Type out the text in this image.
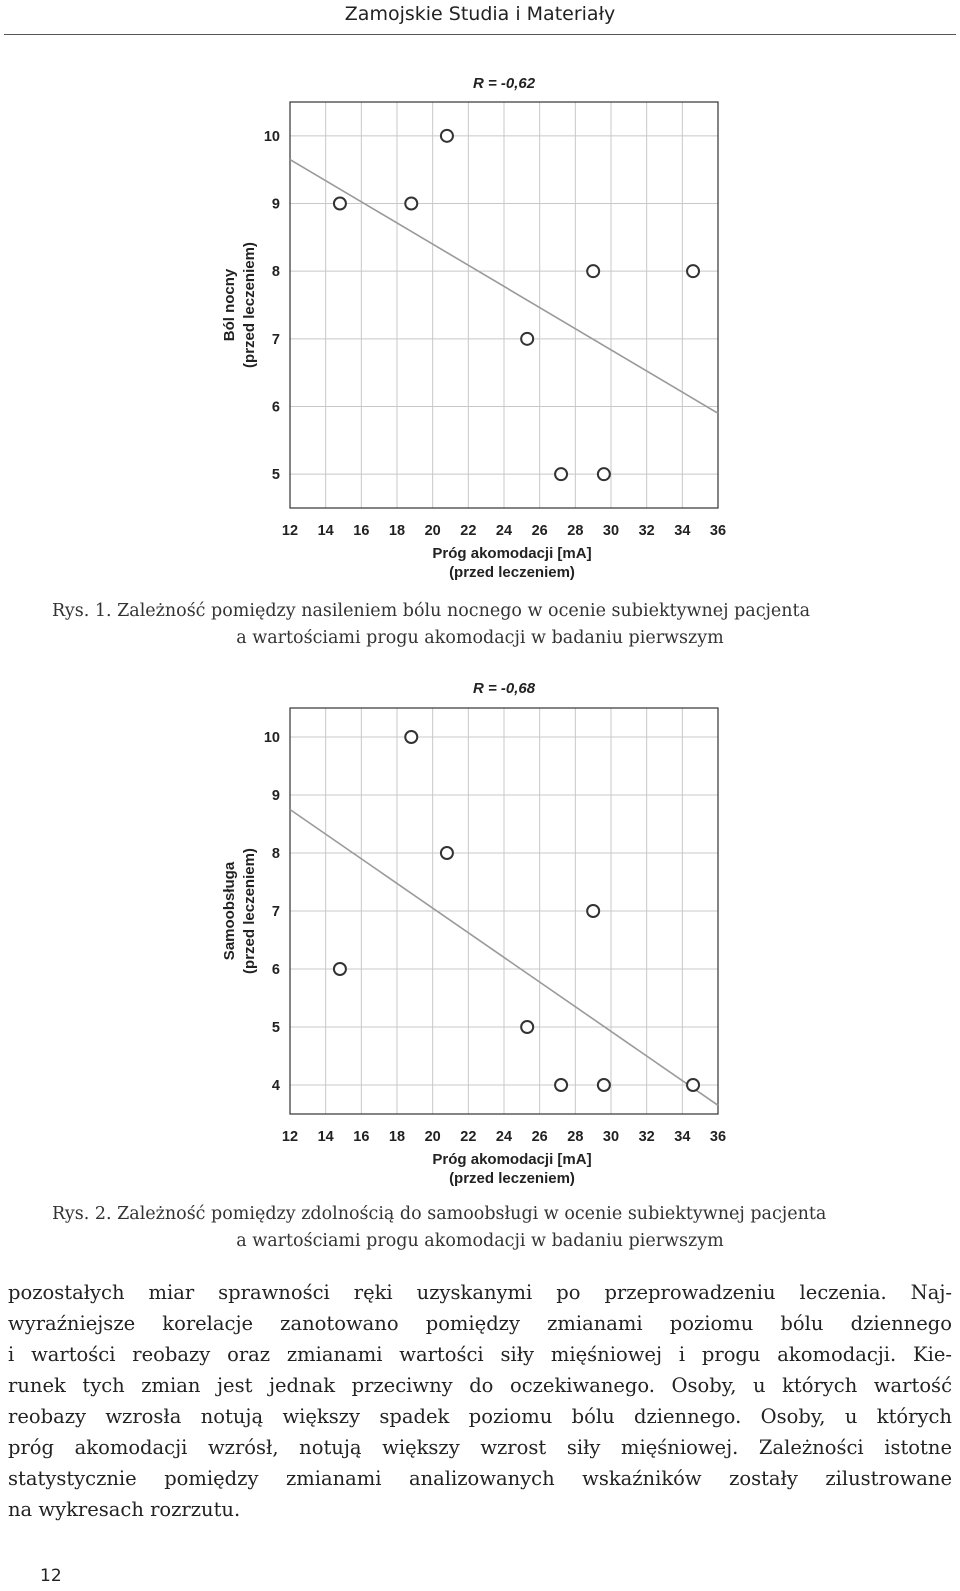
Zamojskie Studia i Materiały
R = -0,62
12 14 16 18 20 22 24 26 28 30 32 34 36
5
6
7
8
9
10
Próg akomodacji [mA]
(przed leczeniem)
Ból nocny (przed leczeniem)
Rys. 1. Zależność pomiędzy nasileniem bólu nocnego w ocenie subiektywnej pacjenta
a wartościami progu akomodacji w badaniu pierwszym
R = -0,68
12 14 16 18 20 22 24 26 28 30 32 34 36
4
5
6
7
8
9
10
Próg akomodacji [mA]
(przed leczeniem)
Samoobsługa (przed leczeniem)
Rys. 2. Zależność pomiędzy zdolnością do samoobsługi w ocenie subiektywnej pacjenta
a wartościami progu akomodacji w badaniu pierwszym
pozostałych miar sprawności ręki uzyskanymi po przeprowadzeniu leczenia. Naj-
wyraźniejsze korelacje zanotowano pomiędzy zmianami poziomu bólu dziennego
i wartości reobazy oraz zmianami wartości siły mięśniowej i progu akomodacji. Kie-
runek tych zmian jest jednak przeciwny do oczekiwanego. Osoby, u których wartość
reobazy wzrosła notują większy spadek poziomu bólu dziennego. Osoby, u których
próg akomodacji wzrósł, notują większy wzrost siły mięśniowej. Zależności istotne
statystycznie pomiędzy zmianami analizowanych wskaźników zostały zilustrowane
na wykresach rozrzutu.
12
